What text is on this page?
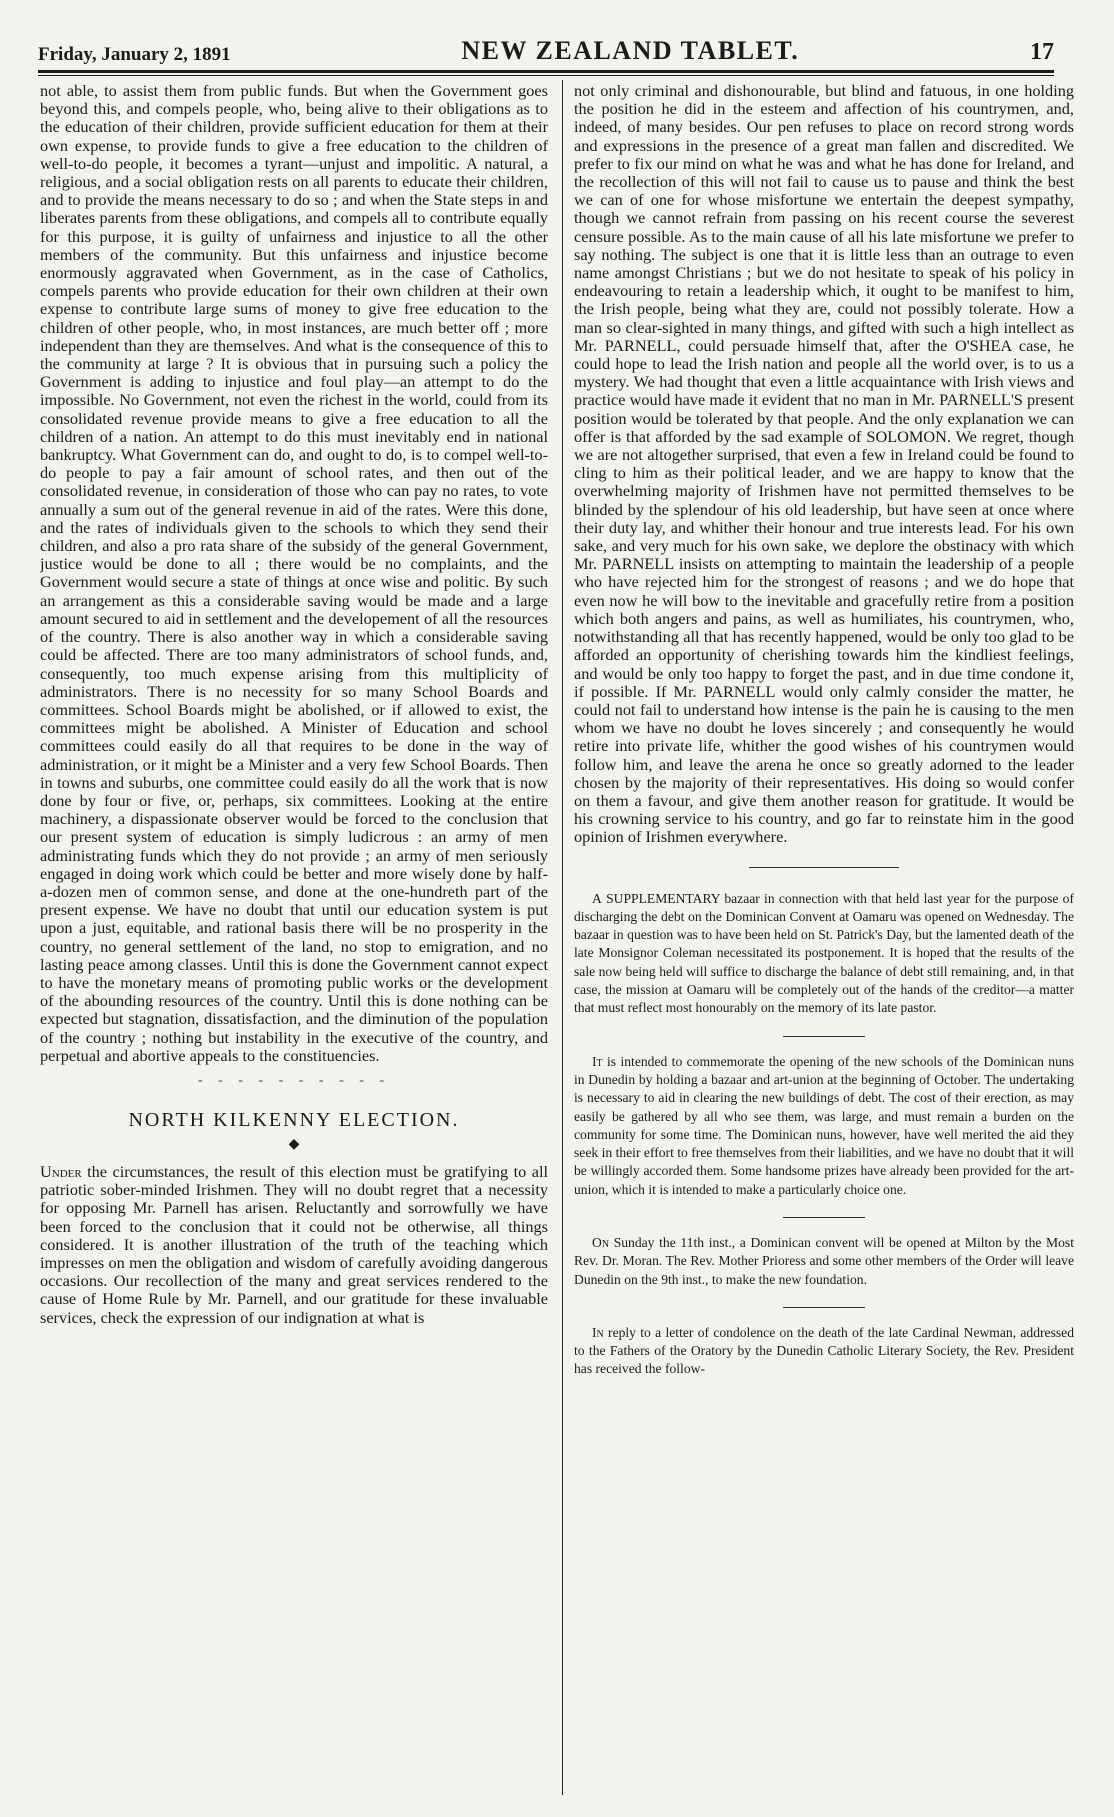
Friday, January 2, 1891	NEW ZEALAND TABLET.	17

not able, to assist them from public funds. But when the Government goes beyond this, and compels people, who, being alive to their obligations as to the education of their children, provide sufficient education for them at their own expense, to provide funds to give a free education to the children of well-to-do people, it becomes a tyrant—unjust and impolitic. A natural, a religious, and a social obligation rests on all parents to educate their children, and to provide the means necessary to do so ; and when the State steps in and liberates parents from these obligations, and compels all to contribute equally for this purpose, it is guilty of unfairness and injustice to all the other members of the community. But this unfairness and injustice become enormously aggravated when Government, as in the case of Catholics, compels parents who provide education for their own children at their own expense to contribute large sums of money to give free education to the children of other people, who, in most instances, are much better off ; more independent than they are themselves. And what is the consequence of this to the community at large ? It is obvious that in pursuing such a policy the Government is adding to injustice and foul play—an attempt to do the impossible. No Government, not even the richest in the world, could from its consolidated revenue provide means to give a free education to all the children of a nation. An attempt to do this must inevitably end in national bankruptcy. What Government can do, and ought to do, is to compel well-to-do people to pay a fair amount of school rates, and then out of the consolidated revenue, in consideration of those who can pay no rates, to vote annually a sum out of the general revenue in aid of the rates. Were this done, and the rates of individuals given to the schools to which they send their children, and also a pro rata share of the subsidy of the general Government, justice would be done to all ; there would be no complaints, and the Government would secure a state of things at once wise and politic. By such an arrangement as this a considerable saving would be made and a large amount secured to aid in settlement and the developement of all the resources of the country. There is also another way in which a considerable saving could be affected. There are too many administrators of school funds, and, consequently, too much expense arising from this multiplicity of administrators. There is no necessity for so many School Boards and committees. School Boards might be abolished, or if allowed to exist, the committees might be abolished. A Minister of Education and school committees could easily do all that requires to be done in the way of administration, or it might be a Minister and a very few School Boards. Then in towns and suburbs, one committee could easily do all the work that is now done by four or five, or, perhaps, six committees. Looking at the entire machinery, a dispassionate observer would be forced to the conclusion that our present system of education is simply ludicrous : an army of men administrating funds which they do not provide ; an army of men seriously engaged in doing work which could be better and more wisely done by half-a-dozen men of common sense, and done at the one-hundreth part of the present expense. We have no doubt that until our education system is put upon a just, equitable, and rational basis there will be no prosperity in the country, no general settlement of the land, no stop to emigration, and no lasting peace among classes. Until this is done the Government cannot expect to have the monetary means of promoting public works or the development of the abounding resources of the country. Until this is done nothing can be expected but stagnation, dissatisfaction, and the diminution of the population of the country ; nothing but instability in the executive of the country, and perpetual and abortive appeals to the constituencies.

- - - - - - - - - -
NORTH KILKENNY ELECTION.
◆

Under the circumstances, the result of this election must be gratifying to all patriotic sober-minded Irishmen. They will no doubt regret that a necessity for opposing Mr. Parnell has arisen. Reluctantly and sorrowfully we have been forced to the conclusion that it could not be otherwise, all things considered. It is another illustration of the truth of the teaching which impresses on men the obligation and wisdom of carefully avoiding dangerous occasions. Our recollection of the many and great services rendered to the cause of Home Rule by Mr. Parnell, and our gratitude for these invaluable services, check the expression of our indignation at what is

not only criminal and dishonourable, but blind and fatuous, in one holding the position he did in the esteem and affection of his countrymen, and, indeed, of many besides. Our pen refuses to place on record strong words and expressions in the presence of a great man fallen and discredited. We prefer to fix our mind on what he was and what he has done for Ireland, and the recollection of this will not fail to cause us to pause and think the best we can of one for whose misfortune we entertain the deepest sympathy, though we cannot refrain from passing on his recent course the severest censure possible. As to the main cause of all his late misfortune we prefer to say nothing. The subject is one that it is little less than an outrage to even name amongst Christians ; but we do not hesitate to speak of his policy in endeavouring to retain a leadership which, it ought to be manifest to him, the Irish people, being what they are, could not possibly tolerate. How a man so clear-sighted in many things, and gifted with such a high intellect as Mr. PARNELL, could persuade himself that, after the O'SHEA case, he could hope to lead the Irish nation and people all the world over, is to us a mystery. We had thought that even a little acquaintance with Irish views and practice would have made it evident that no man in Mr. PARNELL'S present position would be tolerated by that people. And the only explanation we can offer is that afforded by the sad example of SOLOMON. We regret, though we are not altogether surprised, that even a few in Ireland could be found to cling to him as their political leader, and we are happy to know that the overwhelming majority of Irishmen have not permitted themselves to be blinded by the splendour of his old leadership, but have seen at once where their duty lay, and whither their honour and true interests lead. For his own sake, and very much for his own sake, we deplore the obstinacy with which Mr. PARNELL insists on attempting to maintain the leadership of a people who have rejected him for the strongest of reasons ; and we do hope that even now he will bow to the inevitable and gracefully retire from a position which both angers and pains, as well as humiliates, his countrymen, who, notwithstanding all that has recently happened, would be only too glad to be afforded an opportunity of cherishing towards him the kindliest feelings, and would be only too happy to forget the past, and in due time condone it, if possible. If Mr. PARNELL would only calmly consider the matter, he could not fail to understand how intense is the pain he is causing to the men whom we have no doubt he loves sincerely ; and consequently he would retire into private life, whither the good wishes of his countrymen would follow him, and leave the arena he once so greatly adorned to the leader chosen by the majority of their representatives. His doing so would confer on them a favour, and give them another reason for gratitude. It would be his crowning service to his country, and go far to reinstate him in the good opinion of Irishmen everywhere.

A SUPPLEMENTARY bazaar in connection with that held last year for the purpose of discharging the debt on the Dominican Convent at Oamaru was opened on Wednesday. The bazaar in question was to have been held on St. Patrick's Day, but the lamented death of the late Monsignor Coleman necessitated its postponement. It is hoped that the results of the sale now being held will suffice to discharge the balance of debt still remaining, and, in that case, the mission at Oamaru will be completely out of the hands of the creditor—a matter that must reflect most honourably on the memory of its late pastor.

It is intended to commemorate the opening of the new schools of the Dominican nuns in Dunedin by holding a bazaar and art-union at the beginning of October. The undertaking is necessary to aid in clearing the new buildings of debt. The cost of their erection, as may easily be gathered by all who see them, was large, and must remain a burden on the community for some time. The Dominican nuns, however, have well merited the aid they seek in their effort to free themselves from their liabilities, and we have no doubt that it will be willingly accorded them. Some handsome prizes have already been provided for the art-union, which it is intended to make a particularly choice one.

On Sunday the 11th inst., a Dominican convent will be opened at Milton by the Most Rev. Dr. Moran. The Rev. Mother Prioress and some other members of the Order will leave Dunedin on the 9th inst., to make the new foundation.

In reply to a letter of condolence on the death of the late Cardinal Newman, addressed to the Fathers of the Oratory by the Dunedin Catholic Literary Society, the Rev. President has received the follow-
